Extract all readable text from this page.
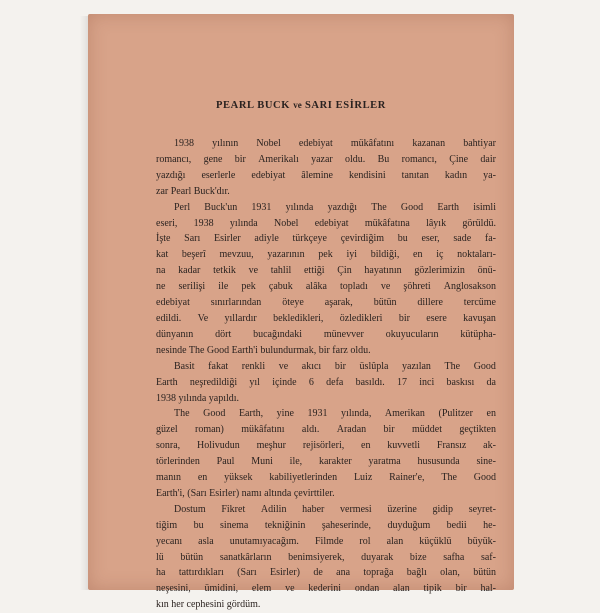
PEARL BUCK ve SARI ESİRLER
1938 yılının Nobel edebiyat mükâfatını kazanan bahtiyar
romancı, gene bir Amerikalı yazar oldu. Bu romancı, Çine dair
yazdığı eserlerle edebiyat âlemine kendisini tanıtan kadın ya-
zar Pearl Buck'dır.
Perl Buck'un 1931 yılında yazdığı The Good Earth isimli
eseri, 1938 yılında Nobel edebiyat mükâfatına lâyık görüldü.
İşte Sarı Esirler adiyle türkçeye çevirdiğim bu eser, sade fa-
kat beşerî mevzuu, yazarının pek iyi bildiği, en iç noktaları-
na kadar tetkik ve tahlil ettiği Çin hayatının gözlerimizin önü-
ne serilişi ile pek çabuk alâka topladı ve şöhreti Anglosakson
edebiyat sınırlarından öteye aşarak, bütün dillere tercüme
edildi. Ve yıllardır bekledikleri, özledikleri bir esere kavuşan
dünyanın dört bucağındaki münevver okuyucuların kütüpha-
nesinde The Good Earth'i bulundurmak, bir farz oldu.
Basit fakat renkli ve akıcı bir üslûpla yazılan The Good
Earth neşredildiği yıl içinde 6 defa basıldı. 17 inci baskısı da
1938 yılında yapıldı.
The Good Earth, yine 1931 yılında, Amerikan (Pulitzer en
güzel roman) mükâfatını aldı. Aradan bir müddet geçtikten
sonra, Holivudun meşhur rejisörleri, en kuvvetli Fransız ak-
törlerinden Paul Muni ile, karakter yaratma hususunda sine-
manın en yüksek kabiliyetlerinden Luiz Rainer'e, The Good
Earth'i, (Sarı Esirler) namı altında çevirttiler.
Dostum Fikret Adilin haber vermesi üzerine gidip seyret-
tiğim bu sinema tekniğinin şaheserinde, duyduğum bedii he-
yecanı asla unutamıyacağım. Filmde rol alan küçüklü büyük-
lü bütün sanatkârların benimsiyerek, duyarak bize safha saf-
ha tattırdıkları (Sarı Esirler) de ana toprağa bağlı olan, bütün
neşesini, ümidini, elem ve kederini ondan alan tipik bir hal-
kın her cephesini gördüm.
